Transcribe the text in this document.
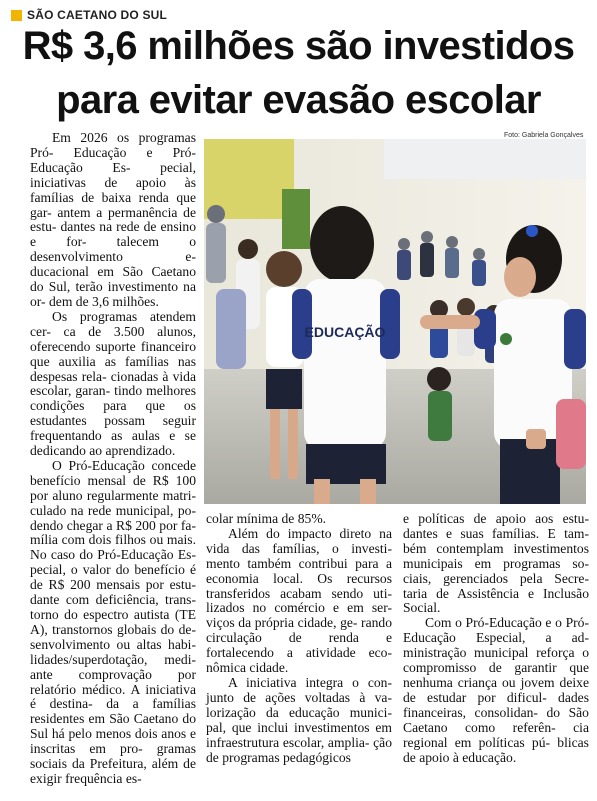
SÃO CAETANO DO SUL
R$ 3,6 milhões são investidos
para evitar evasão escolar

Em 2026 os programas Pró- Educação e Pró-Educação Es- pecial, iniciativas de apoio às famílias de baixa renda que gar- antem a permanência de estu- dantes na rede de ensino e for- talecem o desenvolvimento e- ducacional em São Caetano do Sul, terão investimento na or- dem de 3,6 milhões.

Os programas atendem cer- ca de 3.500 alunos, oferecendo suporte financeiro que auxilia as famílias nas despesas rela- cionadas à vida escolar, garan- tindo melhores condições para que os estudantes possam seguir frequentando as aulas e se dedicando ao aprendizado.

O Pró-Educação concede benefício mensal de R$ 100 por aluno regularmente matri- culado na rede municipal, po- dendo chegar a R$ 200 por fa- mília com dois filhos ou mais. No caso do Pró-Educação Es- pecial, o valor do benefício é de R$ 200 mensais por estu- dante com deficiência, trans- torno do espectro autista (TE A), transtornos globais do de- senvolvimento ou altas habi- lidades/superdotação, medi- ante comprovação por relatório médico. A iniciativa é destina- da a famílias residentes em São Caetano do Sul há pelo menos dois anos e inscritas em pro- gramas sociais da Prefeitura, além de exigir frequência es-

Foto: Gabriela Gonçalves
EDUCAÇÃO

colar mínima de 85%.

Além do impacto direto na vida das famílias, o investi- mento também contribui para a economia local. Os recursos transferidos acabam sendo uti- lizados no comércio e em ser- viços da própria cidade, ge- rando circulação de renda e fortalecendo a atividade eco- nômica cidade.

A iniciativa integra o con- junto de ações voltadas à va- lorização da educação munici- pal, que inclui investimentos em infraestrutura escolar, amplia- ção de programas pedagógicos

e políticas de apoio aos estu- dantes e suas famílias. E tam- bém contemplam investimentos municipais em programas so- ciais, gerenciados pela Secre- taria de Assistência e Inclusão Social.

Com o Pró-Educação e o Pró-Educação Especial, a ad- ministração municipal reforça o compromisso de garantir que nenhuma criança ou jovem deixe de estudar por dificul- dades financeiras, consolidan- do São Caetano como referên- cia regional em políticas pú- blicas de apoio à educação.
